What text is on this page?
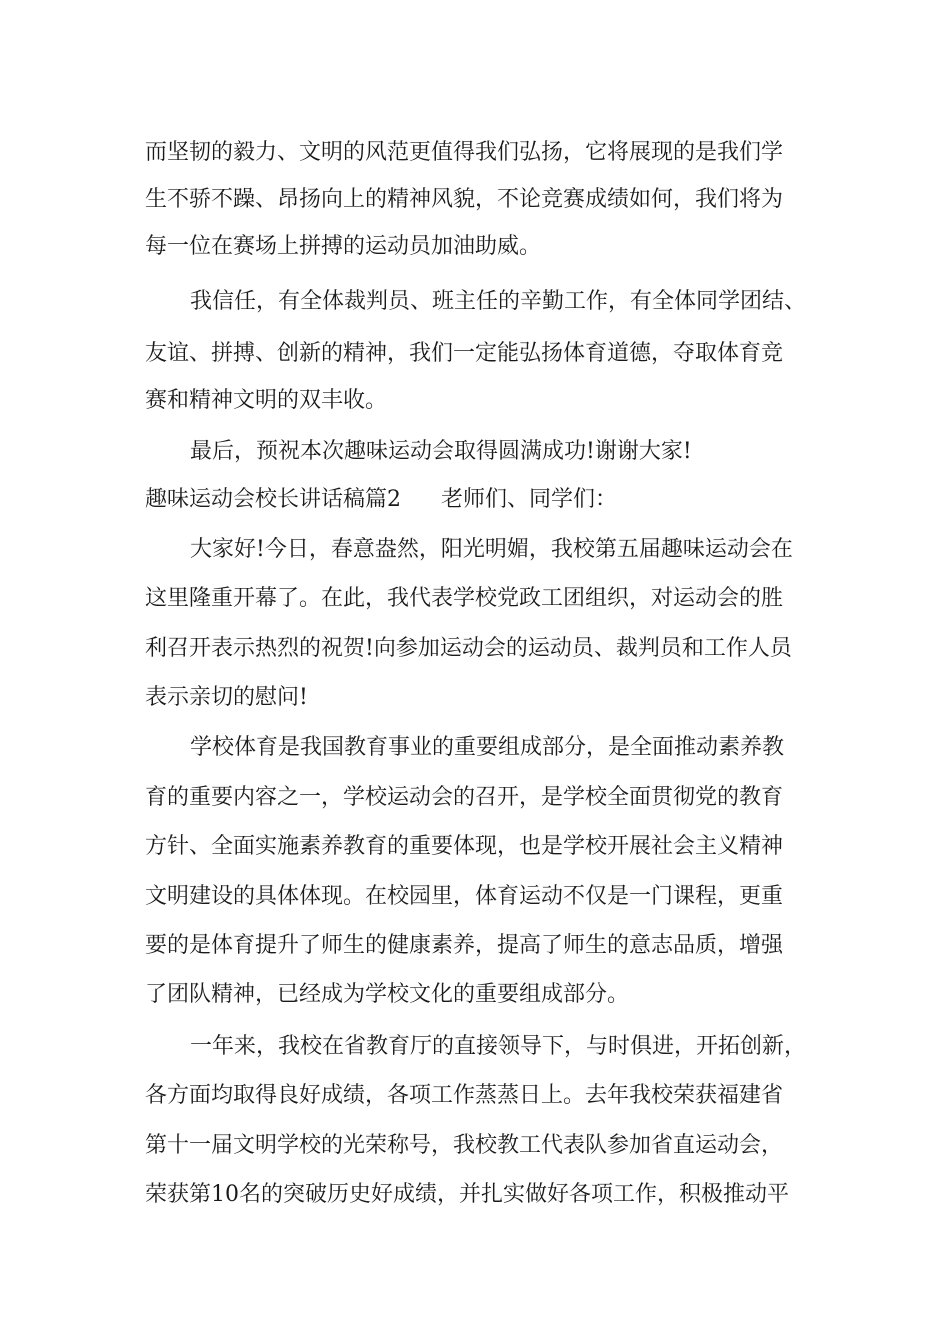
而坚韧的毅力、文明的风范更值得我们弘扬，它将展现的是我们学
生不骄不躁、昂扬向上的精神风貌，不论竞赛成绩如何，我们将为
每一位在赛场上拼搏的运动员加油助威。
我信任，有全体裁判员、班主任的辛勤工作，有全体同学团结、
友谊、拼搏、创新的精神，我们一定能弘扬体育道德，夺取体育竞
赛和精神文明的双丰收。
最后，预祝本次趣味运动会取得圆满成功!谢谢大家!
趣味运动会校长讲话稿篇2 老师们、同学们：
大家好!今日，春意盎然，阳光明媚，我校第五届趣味运动会在
这里隆重开幕了。在此，我代表学校党政工团组织，对运动会的胜
利召开表示热烈的祝贺!向参加运动会的运动员、裁判员和工作人员
表示亲切的慰问!
学校体育是我国教育事业的重要组成部分，是全面推动素养教
育的重要内容之一，学校运动会的召开，是学校全面贯彻党的教育
方针、全面实施素养教育的重要体现，也是学校开展社会主义精神
文明建设的具体体现。在校园里，体育运动不仅是一门课程，更重
要的是体育提升了师生的健康素养，提高了师生的意志品质，增强
了团队精神，已经成为学校文化的重要组成部分。
一年来，我校在省教育厅的直接领导下，与时俱进，开拓创新，
各方面均取得良好成绩，各项工作蒸蒸日上。去年我校荣获福建省
第十一届文明学校的光荣称号，我校教工代表队参加省直运动会，
荣获第10名的突破历史好成绩，并扎实做好各项工作，积极推动平
